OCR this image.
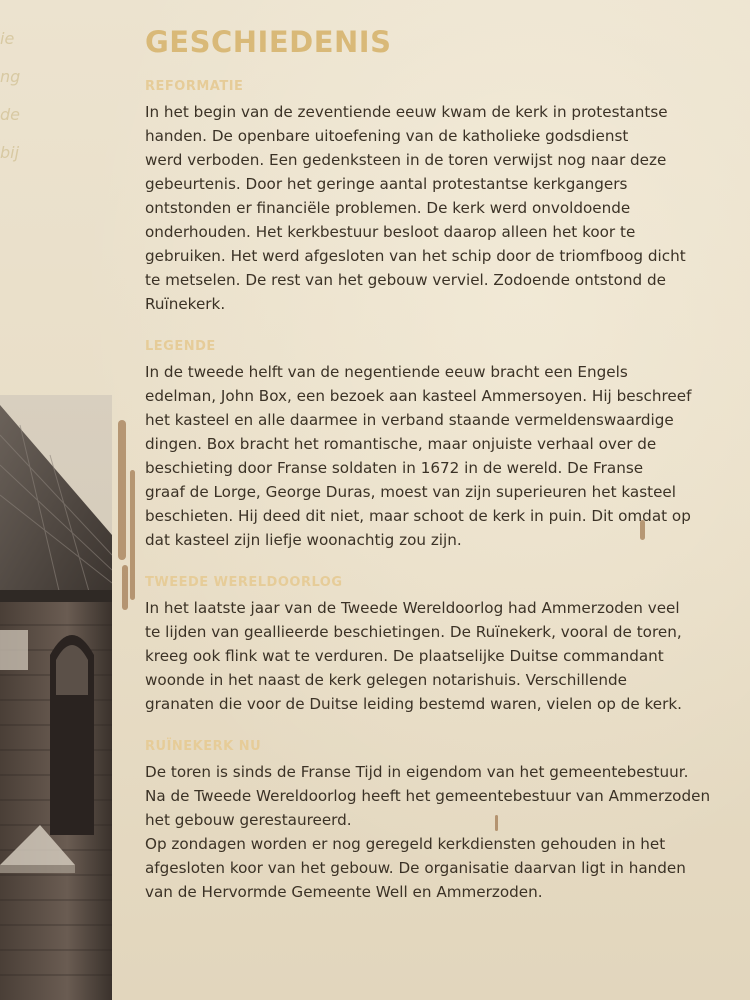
ie
ng
de
bij
GESCHIEDENIS
REFORMATIE
In het begin van de zeventiende eeuw kwam de kerk in protestantse
handen. De openbare uitoefening van de katholieke godsdienst
werd verboden. Een gedenksteen in de toren verwijst nog naar deze
gebeurtenis. Door het geringe aantal protestantse kerkgangers
ontstonden er financiële problemen. De kerk werd onvoldoende
onderhouden. Het kerkbestuur besloot daarop alleen het koor te
gebruiken. Het werd afgesloten van het schip door de triomfboog dicht
te metselen. De rest van het gebouw verviel. Zodoende ontstond de
Ruïnekerk.
LEGENDE
In de tweede helft van de negentiende eeuw bracht een Engels
edelman, John Box, een bezoek aan kasteel Ammersoyen. Hij beschreef
het kasteel en alle daarmee in verband staande vermeldenswaardige
dingen. Box bracht het romantische, maar onjuiste verhaal over de
beschieting door Franse soldaten in 1672 in de wereld. De Franse
graaf de Lorge, George Duras, moest van zijn superieuren het kasteel
beschieten. Hij deed dit niet, maar schoot de kerk in puin. Dit omdat op
dat kasteel zijn liefje woonachtig zou zijn.
TWEEDE WERELDOORLOG
In het laatste jaar van de Tweede Wereldoorlog had Ammerzoden veel
te lijden van geallieerde beschietingen. De Ruïnekerk, vooral de toren,
kreeg ook flink wat te verduren. De plaatselijke Duitse commandant
woonde in het naast de kerk gelegen notarishuis. Verschillende
granaten die voor de Duitse leiding bestemd waren, vielen op de kerk.
RUÏNEKERK NU
De toren is sinds de Franse Tijd in eigendom van het gemeentebestuur.
Na de Tweede Wereldoorlog heeft het gemeentebestuur van Ammerzoden
het gebouw gerestaureerd.
Op zondagen worden er nog geregeld kerkdiensten gehouden in het
afgesloten koor van het gebouw. De organisatie daarvan ligt in handen
van de Hervormde Gemeente Well en Ammerzoden.
